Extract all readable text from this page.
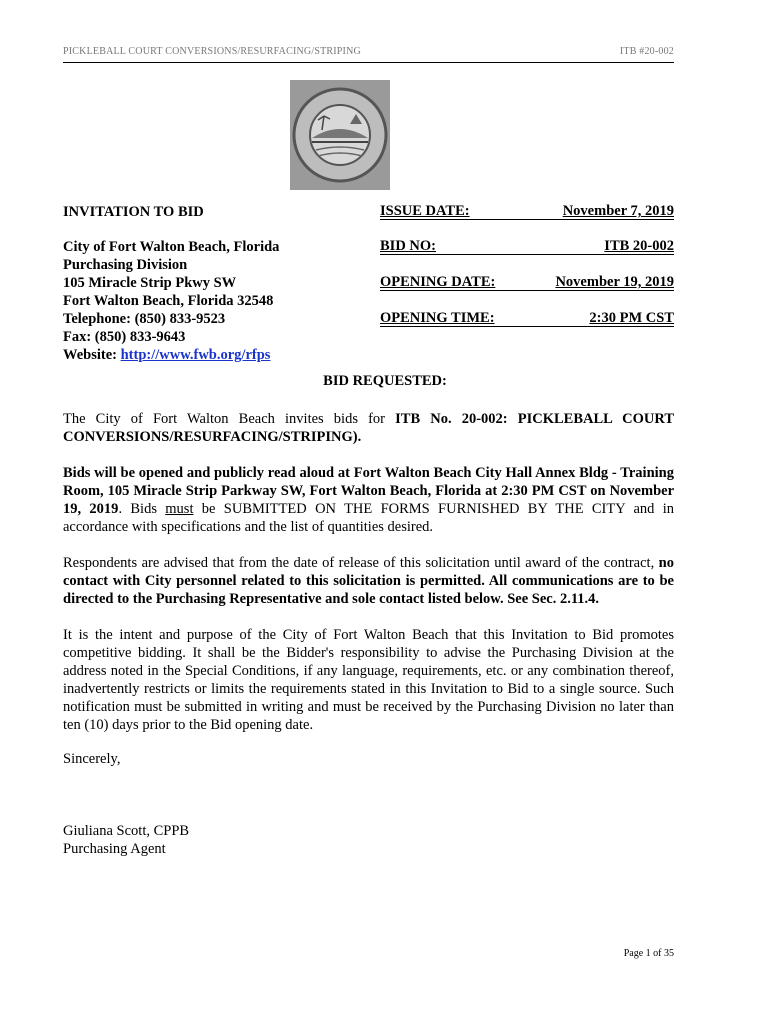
PICKLEBALL COURT CONVERSIONS/RESURFACING/STRIPING	ITB #20-002
INVITATION TO BID
City of Fort Walton Beach, Florida
Purchasing Division
105 Miracle Strip Pkwy SW
Fort Walton Beach, Florida 32548
Telephone: (850) 833-9523
Fax: (850) 833-9643
Website: http://www.fwb.org/rfps
ISSUE DATE:	November 7, 2019
BID NO:	ITB 20-002
OPENING DATE:	November 19, 2019
OPENING TIME:	2:30 PM CST
BID REQUESTED:
The City of Fort Walton Beach invites bids for ITB No. 20-002: PICKLEBALL COURT CONVERSIONS/RESURFACING/STRIPING).
Bids will be opened and publicly read aloud at Fort Walton Beach City Hall Annex Bldg - Training Room, 105 Miracle Strip Parkway SW, Fort Walton Beach, Florida at 2:30 PM CST on November 19, 2019. Bids must be SUBMITTED ON THE FORMS FURNISHED BY THE CITY and in accordance with specifications and the list of quantities desired.
Respondents are advised that from the date of release of this solicitation until award of the contract, no contact with City personnel related to this solicitation is permitted. All communications are to be directed to the Purchasing Representative and sole contact listed below. See Sec. 2.11.4.
It is the intent and purpose of the City of Fort Walton Beach that this Invitation to Bid promotes competitive bidding. It shall be the Bidder's responsibility to advise the Purchasing Division at the address noted in the Special Conditions, if any language, requirements, etc. or any combination thereof, inadvertently restricts or limits the requirements stated in this Invitation to Bid to a single source. Such notification must be submitted in writing and must be received by the Purchasing Division no later than ten (10) days prior to the Bid opening date.
Sincerely,
Giuliana Scott, CPPB
Purchasing Agent
Page 1 of 35
